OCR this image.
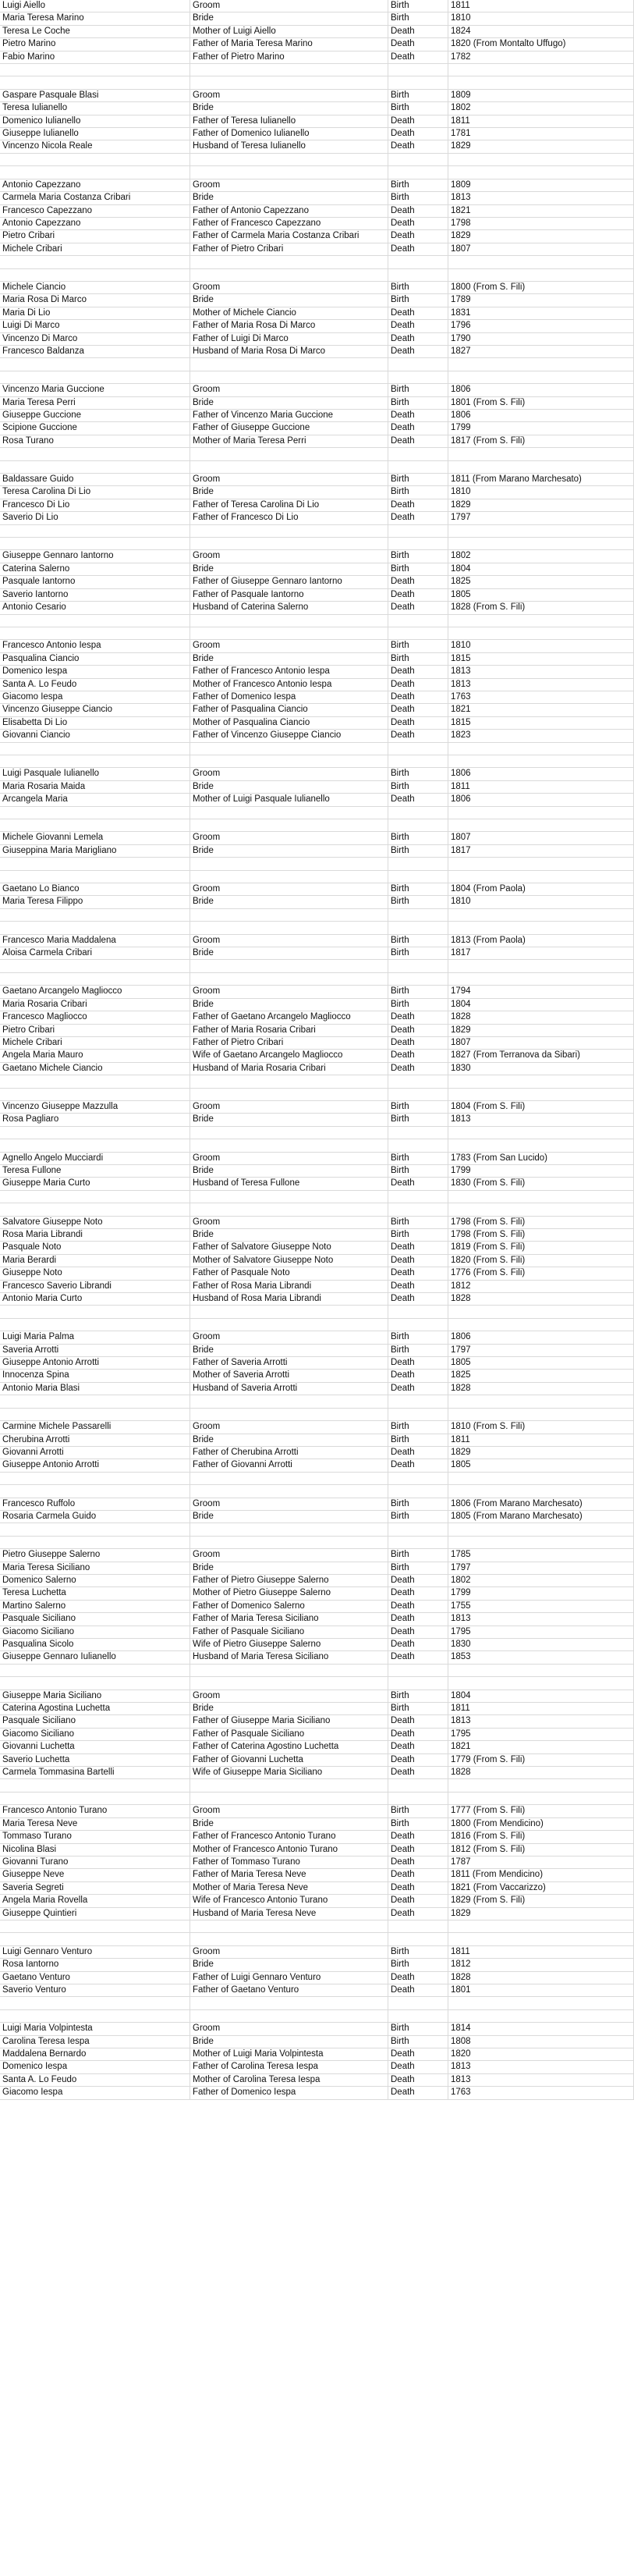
Luigi Aiello	Groom	Birth	1811
Maria Teresa Marino	Bride	Birth	1810
Teresa Le Coche	Mother of Luigi Aiello	Death	1824
Pietro Marino	Father of Maria Teresa Marino	Death	1820 (From Montalto Uffugo)
Fabio Marino	Father of Pietro Marino	Death	1782
Gaspare Pasquale Blasi	Groom	Birth	1809
Teresa Iulianello	Bride	Birth	1802
Domenico Iulianello	Father of Teresa Iulianello	Death	1811
Giuseppe Iulianello	Father of Domenico Iulianello	Death	1781
Vincenzo Nicola Reale	Husband of Teresa Iulianello	Death	1829
Antonio Capezzano	Groom	Birth	1809
Carmela Maria Costanza Cribari	Bride	Birth	1813
Francesco Capezzano	Father of Antonio Capezzano	Death	1821
Antonio Capezzano	Father of Francesco Capezzano	Death	1798
Pietro Cribari	Father of Carmela Maria Costanza Cribari	Death	1829
Michele Cribari	Father of Pietro Cribari	Death	1807
Michele Ciancio	Groom	Birth	1800 (From S. Fili)
Maria Rosa Di Marco	Bride	Birth	1789
Maria Di Lio	Mother of Michele Ciancio	Death	1831
Luigi Di Marco	Father of Maria Rosa Di Marco	Death	1796
Vincenzo Di Marco	Father of Luigi Di Marco	Death	1790
Francesco Baldanza	Husband of Maria Rosa Di Marco	Death	1827
Vincenzo Maria Guccione	Groom	Birth	1806
Maria Teresa Perri	Bride	Birth	1801 (From S. Fili)
Giuseppe Guccione	Father of Vincenzo Maria Guccione	Death	1806
Scipione Guccione	Father of Giuseppe Guccione	Death	1799
Rosa Turano	Mother of Maria Teresa Perri	Death	1817 (From S. Fili)
Baldassare Guido	Groom	Birth	1811 (From Marano Marchesato)
Teresa Carolina Di Lio	Bride	Birth	1810
Francesco Di Lio	Father of Teresa Carolina Di Lio	Death	1829
Saverio Di Lio	Father of Francesco Di Lio	Death	1797
Giuseppe Gennaro Iantorno	Groom	Birth	1802
Caterina Salerno	Bride	Birth	1804
Pasquale Iantorno	Father of Giuseppe Gennaro Iantorno	Death	1825
Saverio Iantorno	Father of Pasquale Iantorno	Death	1805
Antonio Cesario	Husband of Caterina Salerno	Death	1828 (From S. Fili)
Francesco Antonio Iespa	Groom	Birth	1810
Pasqualina Ciancio	Bride	Birth	1815
Domenico Iespa	Father of Francesco Antonio Iespa	Death	1813
Santa A. Lo Feudo	Mother of Francesco Antonio Iespa	Death	1813
Giacomo Iespa	Father of Domenico Iespa	Death	1763
Vincenzo Giuseppe Ciancio	Father of Pasqualina Ciancio	Death	1821
Elisabetta Di Lio	Mother of Pasqualina Ciancio	Death	1815
Giovanni Ciancio	Father of Vincenzo Giuseppe Ciancio	Death	1823
Luigi Pasquale Iulianello	Groom	Birth	1806
Maria Rosaria Maida	Bride	Birth	1811
Arcangela Maria	Mother of Luigi Pasquale Iulianello	Death	1806
Michele Giovanni Lemela	Groom	Birth	1807
Giuseppina Maria Marigliano	Bride	Birth	1817
Gaetano Lo Bianco	Groom	Birth	1804 (From Paola)
Maria Teresa Filippo	Bride	Birth	1810
Francesco Maria Maddalena	Groom	Birth	1813 (From Paola)
Aloisa Carmela Cribari	Bride	Birth	1817
Gaetano Arcangelo Magliocco	Groom	Birth	1794
Maria Rosaria Cribari	Bride	Birth	1804
Francesco Magliocco	Father of Gaetano Arcangelo Magliocco	Death	1828
Pietro Cribari	Father of Maria Rosaria Cribari	Death	1829
Michele Cribari	Father of Pietro Cribari	Death	1807
Angela Maria Mauro	Wife of Gaetano Arcangelo Magliocco	Death	1827 (From Terranova da Sibari)
Gaetano Michele Ciancio	Husband of Maria Rosaria Cribari	Death	1830
Vincenzo Giuseppe Mazzulla	Groom	Birth	1804 (From S. Fili)
Rosa Pagliaro	Bride	Birth	1813
Agnello Angelo Mucciardi	Groom	Birth	1783 (From San Lucido)
Teresa Fullone	Bride	Birth	1799
Giuseppe Maria Curto	Husband of Teresa Fullone	Death	1830 (From S. Fili)
Salvatore Giuseppe Noto	Groom	Birth	1798 (From S. Fili)
Rosa Maria Librandi	Bride	Birth	1798 (From S. Fili)
Pasquale Noto	Father of Salvatore Giuseppe Noto	Death	1819 (From S. Fili)
Maria Berardi	Mother of Salvatore Giuseppe Noto	Death	1820 (From S. Fili)
Giuseppe Noto	Father of Pasquale Noto	Death	1776 (From S. Fili)
Francesco Saverio Librandi	Father of Rosa Maria Librandi	Death	1812
Antonio Maria Curto	Husband of Rosa Maria Librandi	Death	1828
Luigi Maria Palma	Groom	Birth	1806
Saveria Arrotti	Bride	Birth	1797
Giuseppe Antonio Arrotti	Father of Saveria Arrotti	Death	1805
Innocenza Spina	Mother of Saveria Arrotti	Death	1825
Antonio Maria Blasi	Husband of Saveria Arrotti	Death	1828
Carmine Michele Passarelli	Groom	Birth	1810 (From S. Fili)
Cherubina Arrotti	Bride	Birth	1811
Giovanni Arrotti	Father of Cherubina Arrotti	Death	1829
Giuseppe Antonio Arrotti	Father of Giovanni Arrotti	Death	1805
Francesco Ruffolo	Groom	Birth	1806 (From Marano Marchesato)
Rosaria Carmela Guido	Bride	Birth	1805 (From Marano Marchesato)
Pietro Giuseppe Salerno	Groom	Birth	1785
Maria Teresa Siciliano	Bride	Birth	1797
Domenico Salerno	Father of Pietro Giuseppe Salerno	Death	1802
Teresa Luchetta	Mother of Pietro Giuseppe Salerno	Death	1799
Martino Salerno	Father of Domenico Salerno	Death	1755
Pasquale Siciliano	Father of Maria Teresa Siciliano	Death	1813
Giacomo Siciliano	Father of Pasquale Siciliano	Death	1795
Pasqualina Sicolo	Wife of Pietro Giuseppe Salerno	Death	1830
Giuseppe Gennaro Iulianello	Husband of Maria Teresa Siciliano	Death	1853
Giuseppe Maria Siciliano	Groom	Birth	1804
Caterina Agostina Luchetta	Bride	Birth	1811
Pasquale Siciliano	Father of Giuseppe Maria Siciliano	Death	1813
Giacomo Siciliano	Father of Pasquale Siciliano	Death	1795
Giovanni Luchetta	Father of Caterina Agostino Luchetta	Death	1821
Saverio Luchetta	Father of Giovanni Luchetta	Death	1779 (From S. Fili)
Carmela Tommasina Bartelli	Wife of Giuseppe Maria Siciliano	Death	1828
Francesco Antonio Turano	Groom	Birth	1777 (From S. Fili)
Maria Teresa Neve	Bride	Birth	1800 (From Mendicino)
Tommaso Turano	Father of Francesco Antonio Turano	Death	1816 (From S. Fili)
Nicolina Blasi	Mother of Francesco Antonio Turano	Death	1812 (From S. Fili)
Giovanni Turano	Father of Tommaso Turano	Death	1787
Giuseppe Neve	Father of Maria Teresa Neve	Death	1811 (From Mendicino)
Saveria Segreti	Mother of Maria Teresa Neve	Death	1821 (From Vaccarizzo)
Angela Maria Rovella	Wife of Francesco Antonio Turano	Death	1829 (From S. Fili)
Giuseppe Quintieri	Husband of Maria Teresa Neve	Death	1829
Luigi Gennaro Venturo	Groom	Birth	1811
Rosa Iantorno	Bride	Birth	1812
Gaetano Venturo	Father of Luigi Gennaro Venturo	Death	1828
Saverio Venturo	Father of Gaetano Venturo	Death	1801
Luigi Maria Volpintesta	Groom	Birth	1814
Carolina Teresa Iespa	Bride	Birth	1808
Maddalena Bernardo	Mother of Luigi Maria Volpintesta	Death	1820
Domenico Iespa	Father of Carolina Teresa Iespa	Death	1813
Santa A. Lo Feudo	Mother of Carolina Teresa Iespa	Death	1813
Giacomo Iespa	Father of Domenico Iespa	Death	1763
